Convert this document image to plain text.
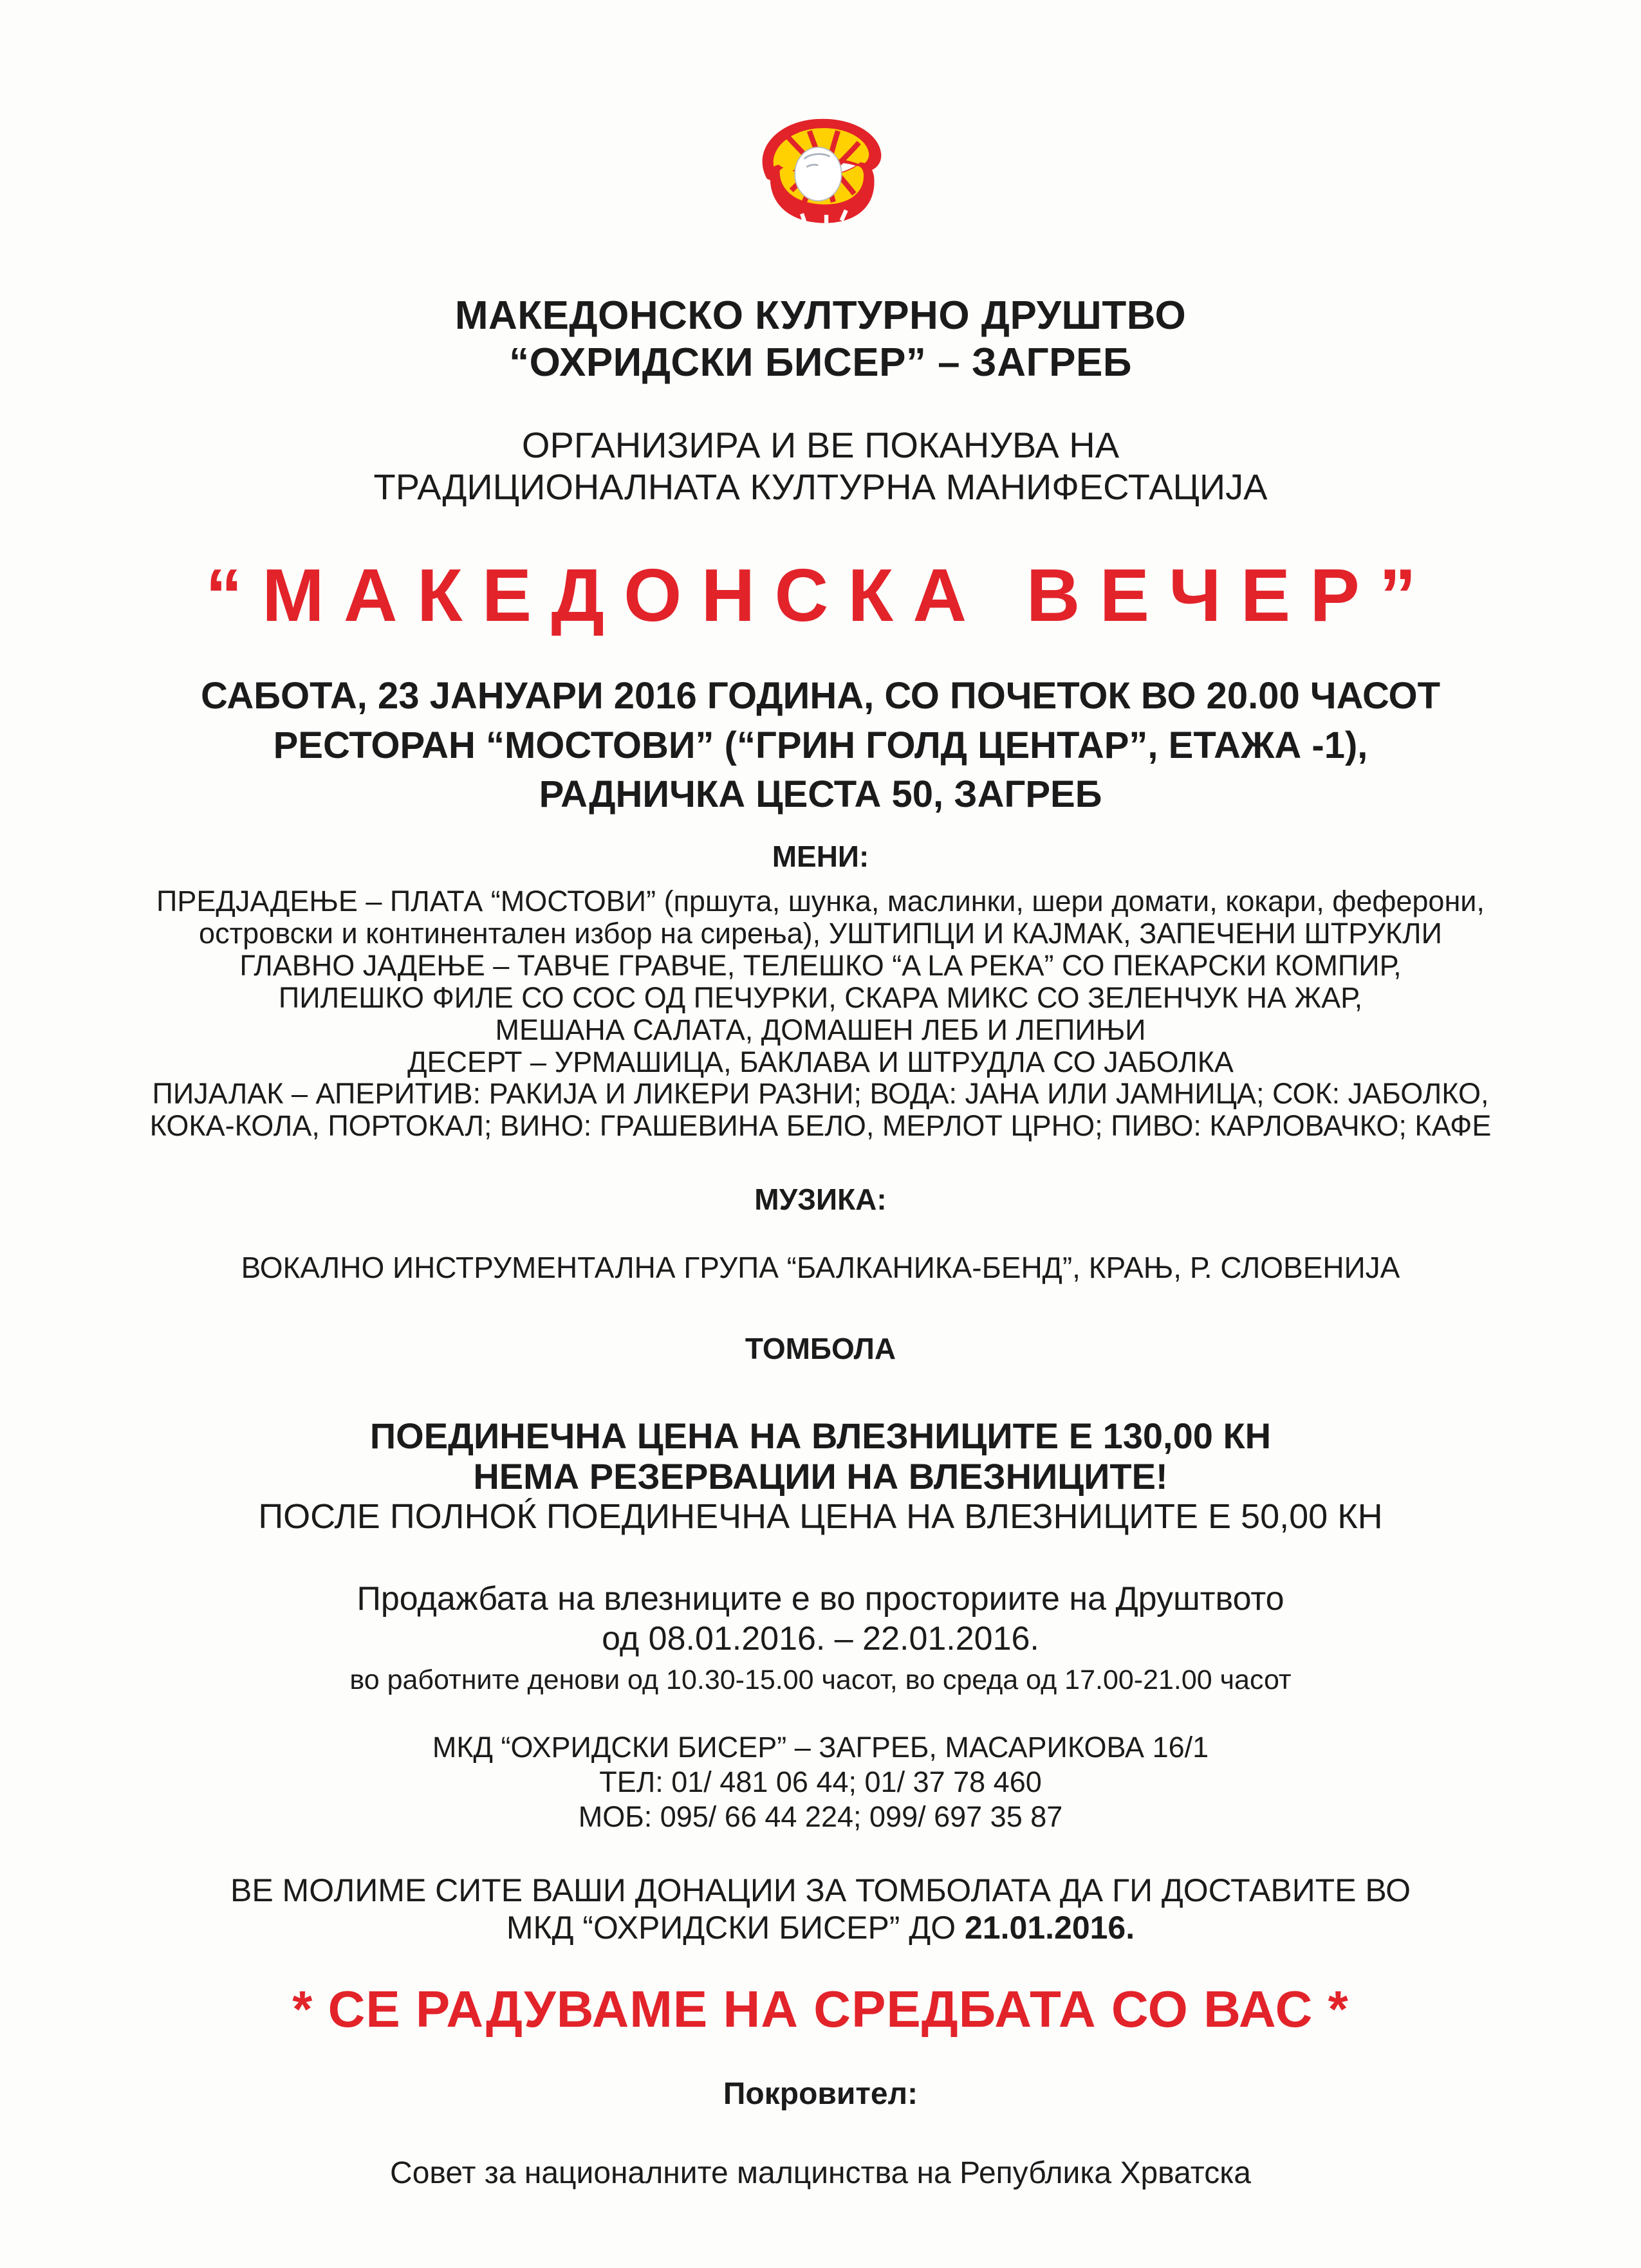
МАКЕДОНСКО КУЛТУРНО ДРУШТВО
“ОХРИДСКИ БИСЕР” – ЗАГРЕБ
ОРГАНИЗИРА И ВЕ ПОКАНУВА НА
ТРАДИЦИОНАЛНАТА КУЛТУРНА МАНИФЕСТАЦИЈА
“МАКЕДОНСКА ВЕЧЕР”
САБОТА, 23 ЈАНУАРИ 2016 ГОДИНА, СО ПОЧЕТОК ВО 20.00 ЧАСОТ
РЕСТОРАН “МОСТОВИ” (“ГРИН ГОЛД ЦЕНТАР”, ЕТАЖА -1),
РАДНИЧКА ЦЕСТА 50, ЗАГРЕБ
МЕНИ:
ПРЕДЈАДЕЊЕ – ПЛАТА “МОСТОВИ” (пршута, шунка, маслинки, шери домати, кокари, феферони,
островски и континентален избор на сирења), УШТИПЦИ И КАЈМАК, ЗАПЕЧЕНИ ШТРУКЛИ
ГЛАВНО ЈАДЕЊЕ – ТАВЧЕ ГРАВЧЕ, ТЕЛЕШКО “A LA РЕКА” СО ПЕКАРСКИ КОМПИР,
ПИЛЕШКО ФИЛЕ СО СОС ОД ПЕЧУРКИ, СКАРА МИКС СО ЗЕЛЕНЧУК НА ЖАР,
МЕШАНА САЛАТА, ДОМАШЕН ЛЕБ И ЛЕПИЊИ
ДЕСЕРТ – УРМАШИЦА, БАКЛАВА И ШТРУДЛА СО ЈАБОЛКА
ПИЈАЛАК – АПЕРИТИВ: РАКИЈА И ЛИКЕРИ РАЗНИ; ВОДА: ЈАНА ИЛИ ЈАМНИЦА; СОК: ЈАБОЛКО,
КОКА-КОЛА, ПОРТОКАЛ; ВИНО: ГРАШЕВИНА БЕЛО, МЕРЛОТ ЦРНО; ПИВО: КАРЛОВАЧКО; КАФЕ
МУЗИКА:
ВОКАЛНО ИНСТРУМЕНТАЛНА ГРУПА “БАЛКАНИКА-БЕНД”, КРАЊ, Р. СЛОВЕНИЈА
ТОМБОЛА
ПОЕДИНЕЧНА ЦЕНА НА ВЛЕЗНИЦИТЕ Е 130,00 КН
НЕМА РЕЗЕРВАЦИИ НА ВЛЕЗНИЦИТЕ!
ПОСЛЕ ПОЛНОЌ ПОЕДИНЕЧНА ЦЕНА НА ВЛЕЗНИЦИТЕ Е 50,00 КН
Продажбата на влезниците е во просториите на Друштвото
од 08.01.2016. – 22.01.2016.
во работните денови од 10.30-15.00 часот, во среда од 17.00-21.00 часот
МКД “ОХРИДСКИ БИСЕР” – ЗАГРЕБ, МАСАРИКОВА 16/1
ТЕЛ: 01/ 481 06 44; 01/ 37 78 460
МОБ: 095/ 66 44 224; 099/ 697 35 87
ВЕ МОЛИМЕ СИТЕ ВАШИ ДОНАЦИИ ЗА ТОМБОЛАТА ДА ГИ ДОСТАВИТЕ ВО
МКД “ОХРИДСКИ БИСЕР” ДО 21.01.2016.
* СЕ РАДУВАМЕ НА СРЕДБАТА СО ВАС *
Покровител:
Совет за националните малцинства на Република Хрватска
